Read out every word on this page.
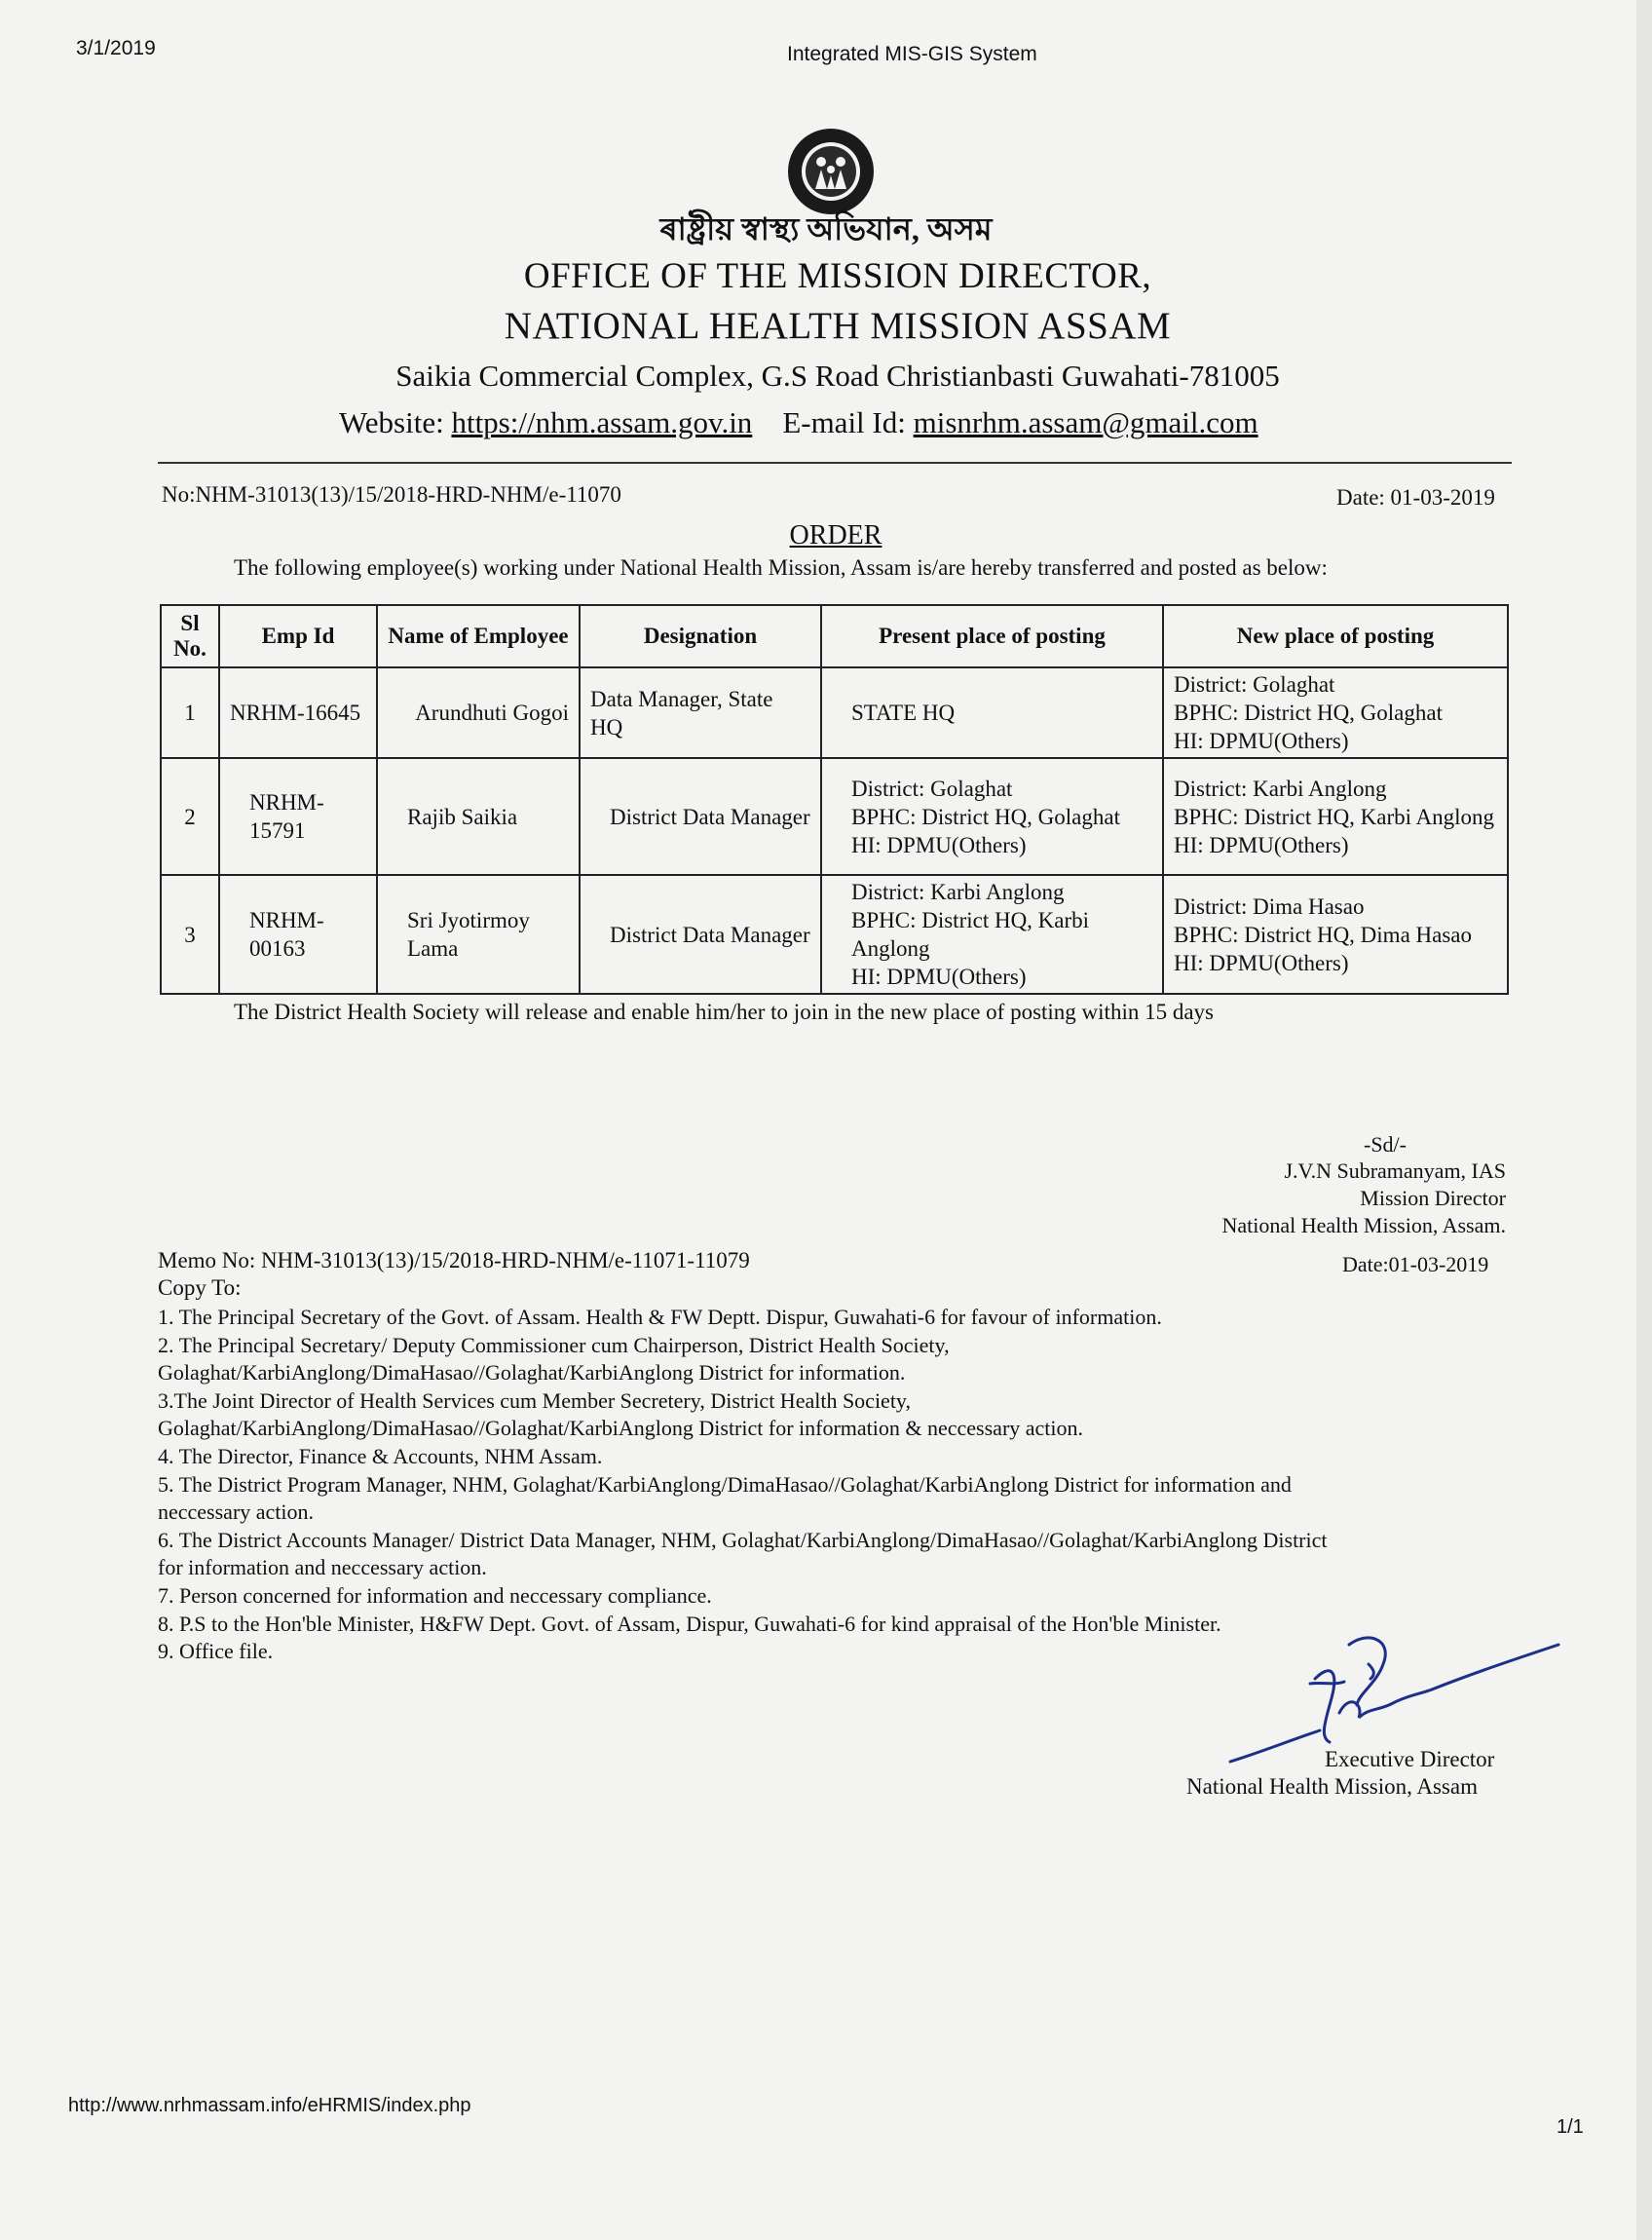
3/1/2019	Integrated MIS-GIS System
ৰাষ্ট্ৰীয় স্বাস্থ্য অভিযান, অসম
OFFICE OF THE MISSION DIRECTOR,
NATIONAL HEALTH MISSION ASSAM
Saikia Commercial Complex, G.S Road Christianbasti Guwahati-781005
Website: https://nhm.assam.gov.in E-mail Id: misnrhm.assam@gmail.com
No:NHM-31013(13)/15/2018-HRD-NHM/e-11070	Date: 01-03-2019
ORDER
The following employee(s) working under National Health Mission, Assam is/are hereby transferred and posted as below:
Sl No.	Emp Id	Name of Employee	Designation	Present place of posting	New place of posting
1	NRHM-16645	Arundhuti Gogoi	Data Manager, State HQ	STATE HQ	District: Golaghat
BPHC: District HQ, Golaghat
HI: DPMU(Others)
2	NRHM-15791	Rajib Saikia	District Data Manager	District: Golaghat
BPHC: District HQ, Golaghat
HI: DPMU(Others)	District: Karbi Anglong
BPHC: District HQ, Karbi Anglong
HI: DPMU(Others)
3	NRHM-00163	Sri Jyotirmoy Lama	District Data Manager	District: Karbi Anglong
BPHC: District HQ, Karbi Anglong
HI: DPMU(Others)	District: Dima Hasao
BPHC: District HQ, Dima Hasao
HI: DPMU(Others)
The District Health Society will release and enable him/her to join in the new place of posting within 15 days
-Sd/-
J.V.N Subramanyam, IAS
Mission Director
National Health Mission, Assam.
Memo No: NHM-31013(13)/15/2018-HRD-NHM/e-11071-11079	Date:01-03-2019
Copy To:
1. The Principal Secretary of the Govt. of Assam. Health & FW Deptt. Dispur, Guwahati-6 for favour of information.
2. The Principal Secretary/ Deputy Commissioner cum Chairperson, District Health Society,
Golaghat/KarbiAnglong/DimaHasao//Golaghat/KarbiAnglong District for information.
3.The Joint Director of Health Services cum Member Secretery, District Health Society,
Golaghat/KarbiAnglong/DimaHasao//Golaghat/KarbiAnglong District for information & neccessary action.
4. The Director, Finance & Accounts, NHM Assam.
5. The District Program Manager, NHM, Golaghat/KarbiAnglong/DimaHasao//Golaghat/KarbiAnglong District for information and
neccessary action.
6. The District Accounts Manager/ District Data Manager, NHM, Golaghat/KarbiAnglong/DimaHasao//Golaghat/KarbiAnglong District
for information and neccessary action.
7. Person concerned for information and neccessary compliance.
8. P.S to the Hon'ble Minister, H&FW Dept. Govt. of Assam, Dispur, Guwahati-6 for kind appraisal of the Hon'ble Minister.
9. Office file.
Executive Director
National Health Mission, Assam
http://www.nrhmassam.info/eHRMIS/index.php
1/1
